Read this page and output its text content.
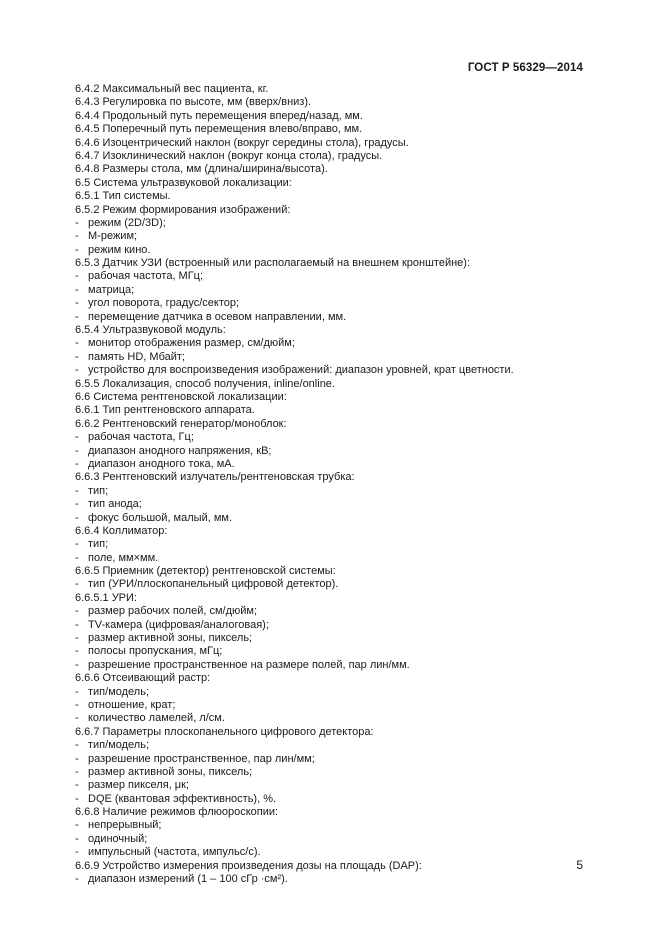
ГОСТ Р 56329—2014
6.4.2 Максимальный вес пациента, кг.
6.4.3 Регулировка по высоте, мм (вверх/вниз).
6.4.4 Продольный путь перемещения вперед/назад, мм.
6.4.5 Поперечный путь перемещения влево/вправо, мм.
6.4.6 Изоцентрический наклон (вокруг середины стола), градусы.
6.4.7 Изоклинический наклон (вокруг конца стола), градусы.
6.4.8 Размеры стола, мм (длина/ширина/высота).
6.5 Система ультразвуковой локализации:
6.5.1 Тип системы.
6.5.2 Режим формирования изображений:
- режим (2D/3D);
- M-режим;
- режим кино.
6.5.3 Датчик УЗИ (встроенный или располагаемый на внешнем кронштейне):
- рабочая частота, МГц;
- матрица;
- угол поворота, градус/сектор;
- перемещение датчика в осевом направлении, мм.
6.5.4 Ультразвуковой модуль:
- монитор отображения размер, см/дюйм;
- память HD, Мбайт;
- устройство для воспроизведения изображений: диапазон уровней, крат цветности.
6.5.5 Локализация, способ получения, inline/online.
6.6 Система рентгеновской локализации:
6.6.1 Тип рентгеновского аппарата.
6.6.2 Рентгеновский генератор/моноблок:
- рабочая частота, Гц;
- диапазон анодного напряжения, кВ;
- диапазон анодного тока, мА.
6.6.3 Рентгеновский излучатель/рентгеновская трубка:
- тип;
- тип анода;
- фокус большой, малый, мм.
6.6.4 Коллиматор:
- тип;
- поле, мм×мм.
6.6.5 Приемник (детектор) рентгеновской системы:
- тип (УРИ/плоскопанельный цифровой детектор).
6.6.5.1 УРИ:
- размер рабочих полей, см/дюйм;
- TV-камера (цифровая/аналоговая);
- размер активной зоны, пиксель;
- полосы пропускания, мГц;
- разрешение пространственное на размере полей, пар лин/мм.
6.6.6 Отсеивающий растр:
- тип/модель;
- отношение, крат;
- количество ламелей, л/см.
6.6.7 Параметры плоскопанельного цифрового детектора:
- тип/модель;
- разрешение пространственное, пар лин/мм;
- размер активной зоны, пиксель;
- размер пикселя, μк;
- DQE (квантовая эффективность), %.
6.6.8 Наличие режимов флюороскопии:
- непрерывный;
- одиночный;
- импульсный (частота, импульс/с).
6.6.9 Устройство измерения произведения дозы на площадь (DAP):
- диапазон измерений (1 – 100 сГр ·см²).
5
